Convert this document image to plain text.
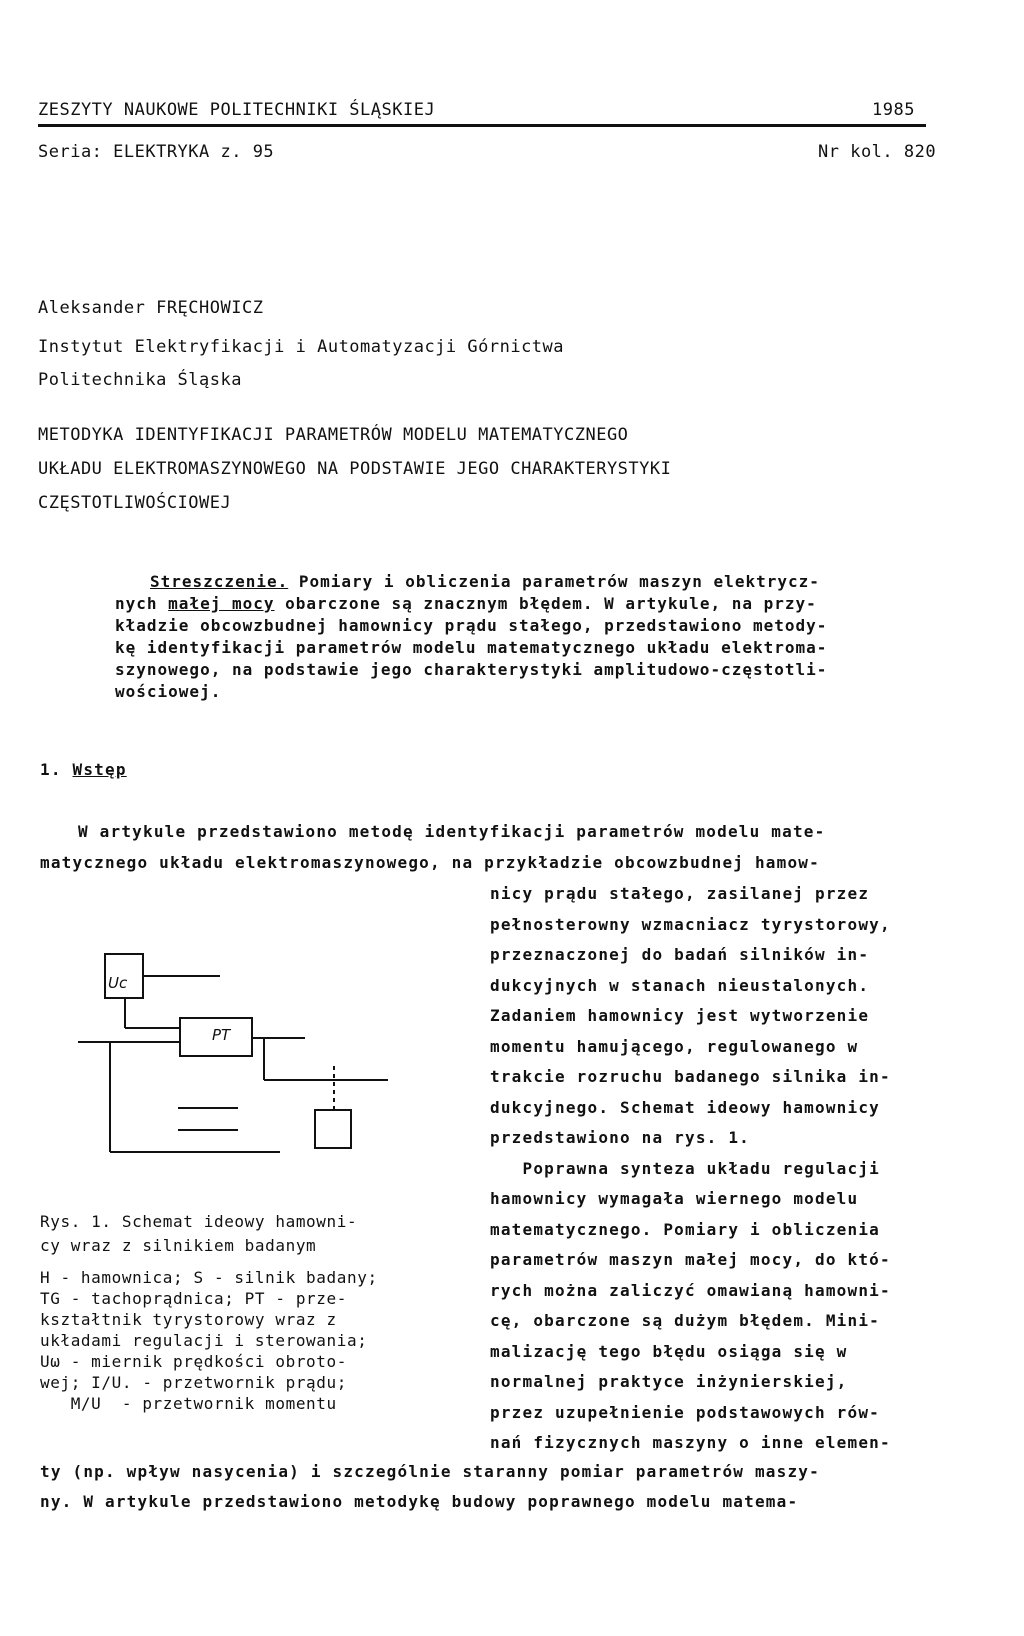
ZESZYTY NAUKOWE POLITECHNIKI ŚLĄSKIEJ	1985
Seria: ELEKTRYKA z. 95	Nr kol. 820
Aleksander FRĘCHOWICZ
Instytut Elektryfikacji i Automatyzacji Górnictwa
Politechnika Śląska
METODYKA IDENTYFIKACJI PARAMETRÓW MODELU MATEMATYCZNEGO
UKŁADU ELEKTROMASZYNOWEGO NA PODSTAWIE JEGO CHARAKTERYSTYKI
CZĘSTOTLIWOŚCIOWEJ
Streszczenie. Pomiary i obliczenia parametrów maszyn elektrycz-
nych małej mocy obarczone są znacznym błędem. W artykule, na przy-
kładzie obcowzbudnej hamownicy prądu stałego, przedstawiono metody-
kę identyfikacji parametrów modelu matematycznego układu elektroma-
szynowego, na podstawie jego charakterystyki amplitudowo-częstotli-
wościowej.
1. Wstęp
W artykule przedstawiono metodę identyfikacji parametrów modelu mate-
matycznego układu elektromaszynowego, na przykładzie obcowzbudnej hamow-
nicy prądu stałego, zasilanej przez
pełnosterowny wzmacniacz tyrystorowy,
przeznaczonej do badań silników in-
dukcyjnych w stanach nieustalonych.
Zadaniem hamownicy jest wytworzenie
momentu hamującego, regulowanego w
trakcie rozruchu badanego silnika in-
dukcyjnego. Schemat ideowy hamownicy
przedstawiono na rys. 1.
Poprawna synteza układu regulacji
hamownicy wymagała wiernego modelu
matematycznego. Pomiary i obliczenia
parametrów maszyn małej mocy, do któ-
rych można zaliczyć omawianą hamowni-
cę, obarczone są dużym błędem. Mini-
malizację tego błędu osiąga się w
normalnej praktyce inżynierskiej,
przez uzupełnienie podstawowych rów-
nań fizycznych maszyny o inne elemen-
Uc
PT
Rys. 1. Schemat ideowy hamowni-
cy wraz z silnikiem badanym
H - hamownica; S - silnik badany;
TG - tachoprądnica; PT - prze-
kształtnik tyrystorowy wraz z
układami regulacji i sterowania;
Uω - miernik prędkości obroto-
wej; I/U. - przetwornik prądu;
M/U  - przetwornik momentu
ty (np. wpływ nasycenia) i szczególnie staranny pomiar parametrów maszy-
ny. W artykule przedstawiono metodykę budowy poprawnego modelu matema-
